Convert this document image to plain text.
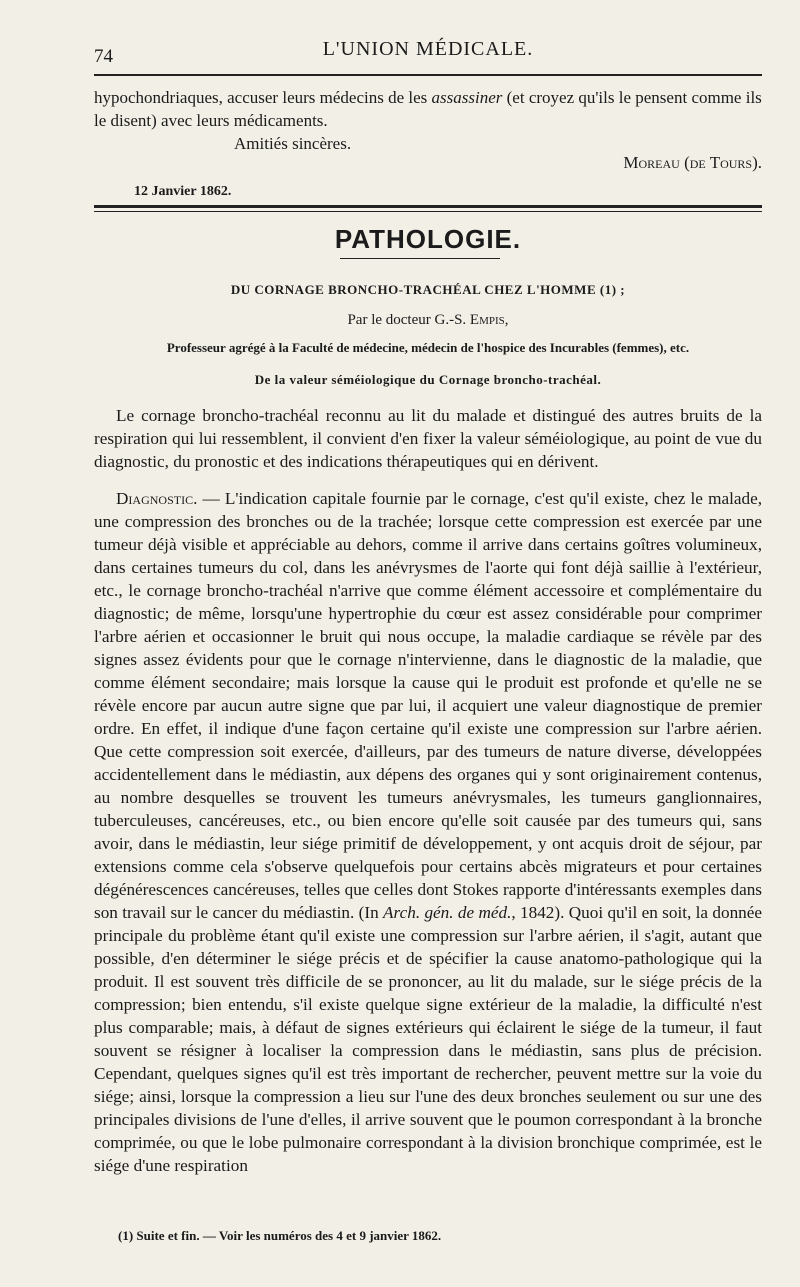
74	L'UNION MÉDICALE.

hypochondriaques, accuser leurs médecins de les assassiner (et croyez qu'ils le pensent comme ils le disent) avec leurs médicaments.

Amitiés sincères.

Moreau (de Tours).

12 Janvier 1862.

PATHOLOGIE.
DU CORNAGE BRONCHO-TRACHÉAL CHEZ L'HOMME (1) ;
Par le docteur G.-S. Empis,
Professeur agrégé à la Faculté de médecine, médecin de l'hospice des Incurables (femmes), etc.
De la valeur séméiologique du Cornage broncho-trachéal.

Le cornage broncho-trachéal reconnu au lit du malade et distingué des autres bruits de la respiration qui lui ressemblent, il convient d'en fixer la valeur séméiologique, au point de vue du diagnostic, du pronostic et des indications thérapeutiques qui en dérivent.

Diagnostic. — L'indication capitale fournie par le cornage, c'est qu'il existe, chez le malade, une compression des bronches ou de la trachée; lorsque cette compression est exercée par une tumeur déjà visible et appréciable au dehors, comme il arrive dans certains goîtres volumineux, dans certaines tumeurs du col, dans les anévrysmes de l'aorte qui font déjà saillie à l'extérieur, etc., le cornage broncho-trachéal n'arrive que comme élément accessoire et complémentaire du diagnostic; de même, lorsqu'une hypertrophie du cœur est assez considérable pour comprimer l'arbre aérien et occasionner le bruit qui nous occupe, la maladie cardiaque se révèle par des signes assez évidents pour que le cornage n'intervienne, dans le diagnostic de la maladie, que comme élément secondaire; mais lorsque la cause qui le produit est profonde et qu'elle ne se révèle encore par aucun autre signe que par lui, il acquiert une valeur diagnostique de premier ordre. En effet, il indique d'une façon certaine qu'il existe une compression sur l'arbre aérien. Que cette compression soit exercée, d'ailleurs, par des tumeurs de nature diverse, développées accidentellement dans le médiastin, aux dépens des organes qui y sont originairement contenus, au nombre desquelles se trouvent les tumeurs anévrysmales, les tumeurs ganglionnaires, tuberculeuses, cancéreuses, etc., ou bien encore qu'elle soit causée par des tumeurs qui, sans avoir, dans le médiastin, leur siége primitif de développement, y ont acquis droit de séjour, par extensions comme cela s'observe quelquefois pour certains abcès migrateurs et pour certaines dégénérescences cancéreuses, telles que celles dont Stokes rapporte d'intéressants exemples dans son travail sur le cancer du médiastin. (In Arch. gén. de méd., 1842). Quoi qu'il en soit, la donnée principale du problème étant qu'il existe une compression sur l'arbre aérien, il s'agit, autant que possible, d'en déterminer le siége précis et de spécifier la cause anatomo-pathologique qui la produit. Il est souvent très difficile de se prononcer, au lit du malade, sur le siége précis de la compression; bien entendu, s'il existe quelque signe extérieur de la maladie, la difficulté n'est plus comparable; mais, à défaut de signes extérieurs qui éclairent le siége de la tumeur, il faut souvent se résigner à localiser la compression dans le médiastin, sans plus de précision. Cependant, quelques signes qu'il est très important de rechercher, peuvent mettre sur la voie du siége; ainsi, lorsque la compression a lieu sur l'une des deux bronches seulement ou sur une des principales divisions de l'une d'elles, il arrive souvent que le poumon correspondant à la bronche comprimée, ou que le lobe pulmonaire correspondant à la division bronchique comprimée, est le siége d'une respiration

(1) Suite et fin. — Voir les numéros des 4 et 9 janvier 1862.
